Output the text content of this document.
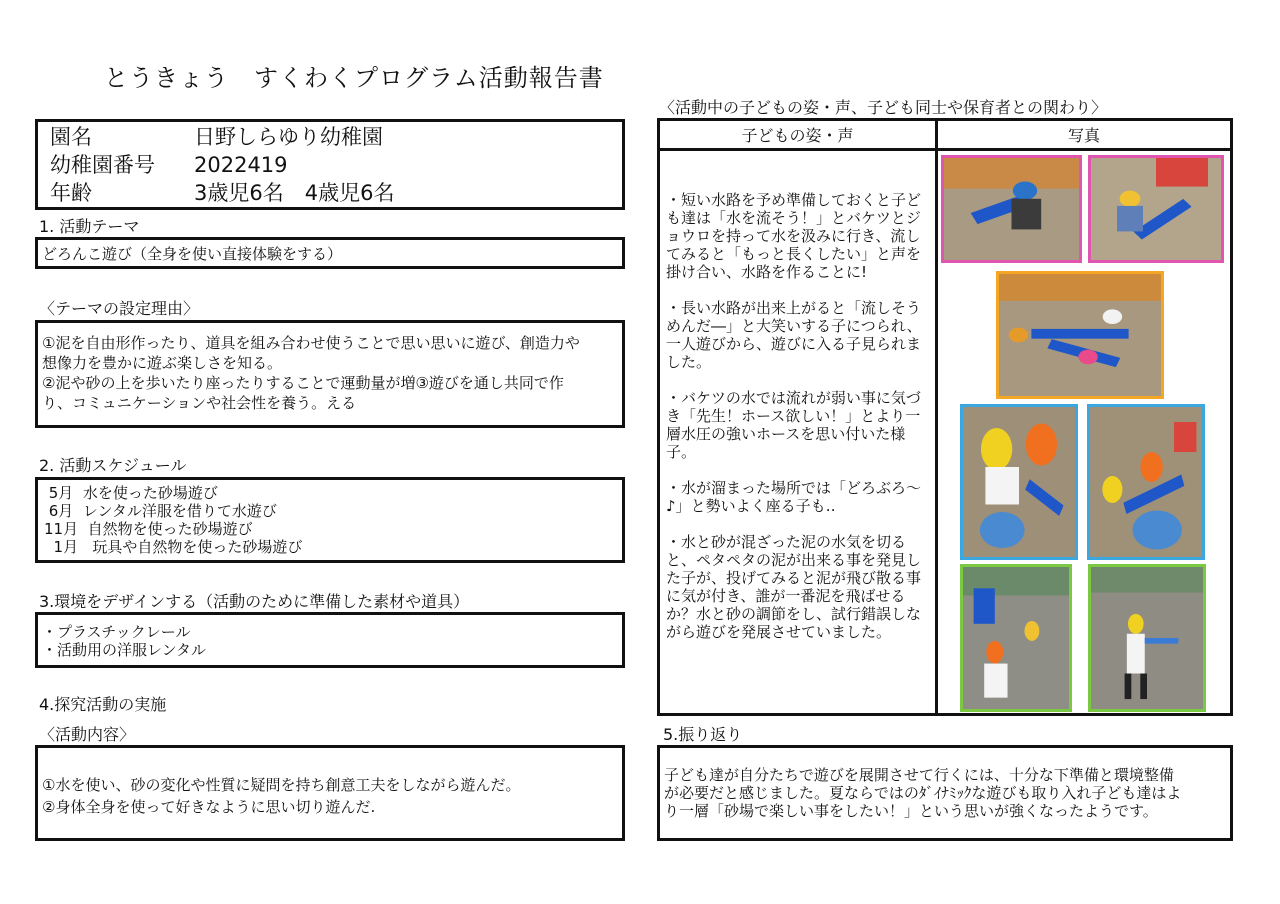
とうきょう　すくわくプログラム活動報告書
園名	日野しらゆり幼稚園
幼稚園番号 2022419
年齢	3歳児6名　4歳児6名
1. 活動テーマ
どろんこ遊び（全身を使い直接体験をする）
〈テーマの設定理由〉
①泥を自由形作ったり、道具を組み合わせ使うことで思い思いに遊び、創造力や
想像力を豊かに遊ぶ楽しさを知る。
②泥や砂の上を歩いたり座ったりすることで運動量が増③遊びを通し共同で作
り、コミュニケーションや社会性を養う。える
2. 活動スケジュール
5月  水を使った砂場遊び
6月  レンタル洋服を借りて水遊び
11月  自然物を使った砂場遊び
1月   玩具や自然物を使った砂場遊び
3.環境をデザインする（活動のために準備した素材や道具）
・プラスチックレール
・活動用の洋服レンタル
4.探究活動の実施
〈活動内容〉
①水を使い、砂の変化や性質に疑問を持ち創意工夫をしながら遊んだ。
②身体全身を使って好きなように思い切り遊んだ.
〈活動中の子どもの姿・声、子ども同士や保育者との関わり〉
子どもの姿・声	写真

・短い水路を予め準備しておくと子ども達は「水を流そう！」とバケツとジョウロを持って水を汲みに行き、流してみると「もっと長くしたい」と声を掛け合い、水路を作ることに!

・長い水路が出来上がると「流しそうめんだ―」と大笑いする子につられ、一人遊びから、遊びに入る子見られました。

・バケツの水では流れが弱い事に気づき「先生！ホース欲しい！」とより一層水圧の強いホースを思い付いた様子。

・水が溜まった場所では「どろぶろ～♪」と勢いよく座る子も‥

・水と砂が混ざった泥の水気を切ると、ペタペタの泥が出来る事を発見した子が、投げてみると泥が飛び散る事に気が付き、誰が一番泥を飛ばせるか？水と砂の調節をし、試行錯誤しながら遊びを発展させていました。

5.振り返り
子ども達が自分たちで遊びを展開させて行くには、十分な下準備と環境整備
が必要だと感じました。夏ならではのﾀﾞｲﾅﾐｯｸな遊びも取り入れ子ども達はよ
り一層「砂場で楽しい事をしたい！」という思いが強くなったようです。
